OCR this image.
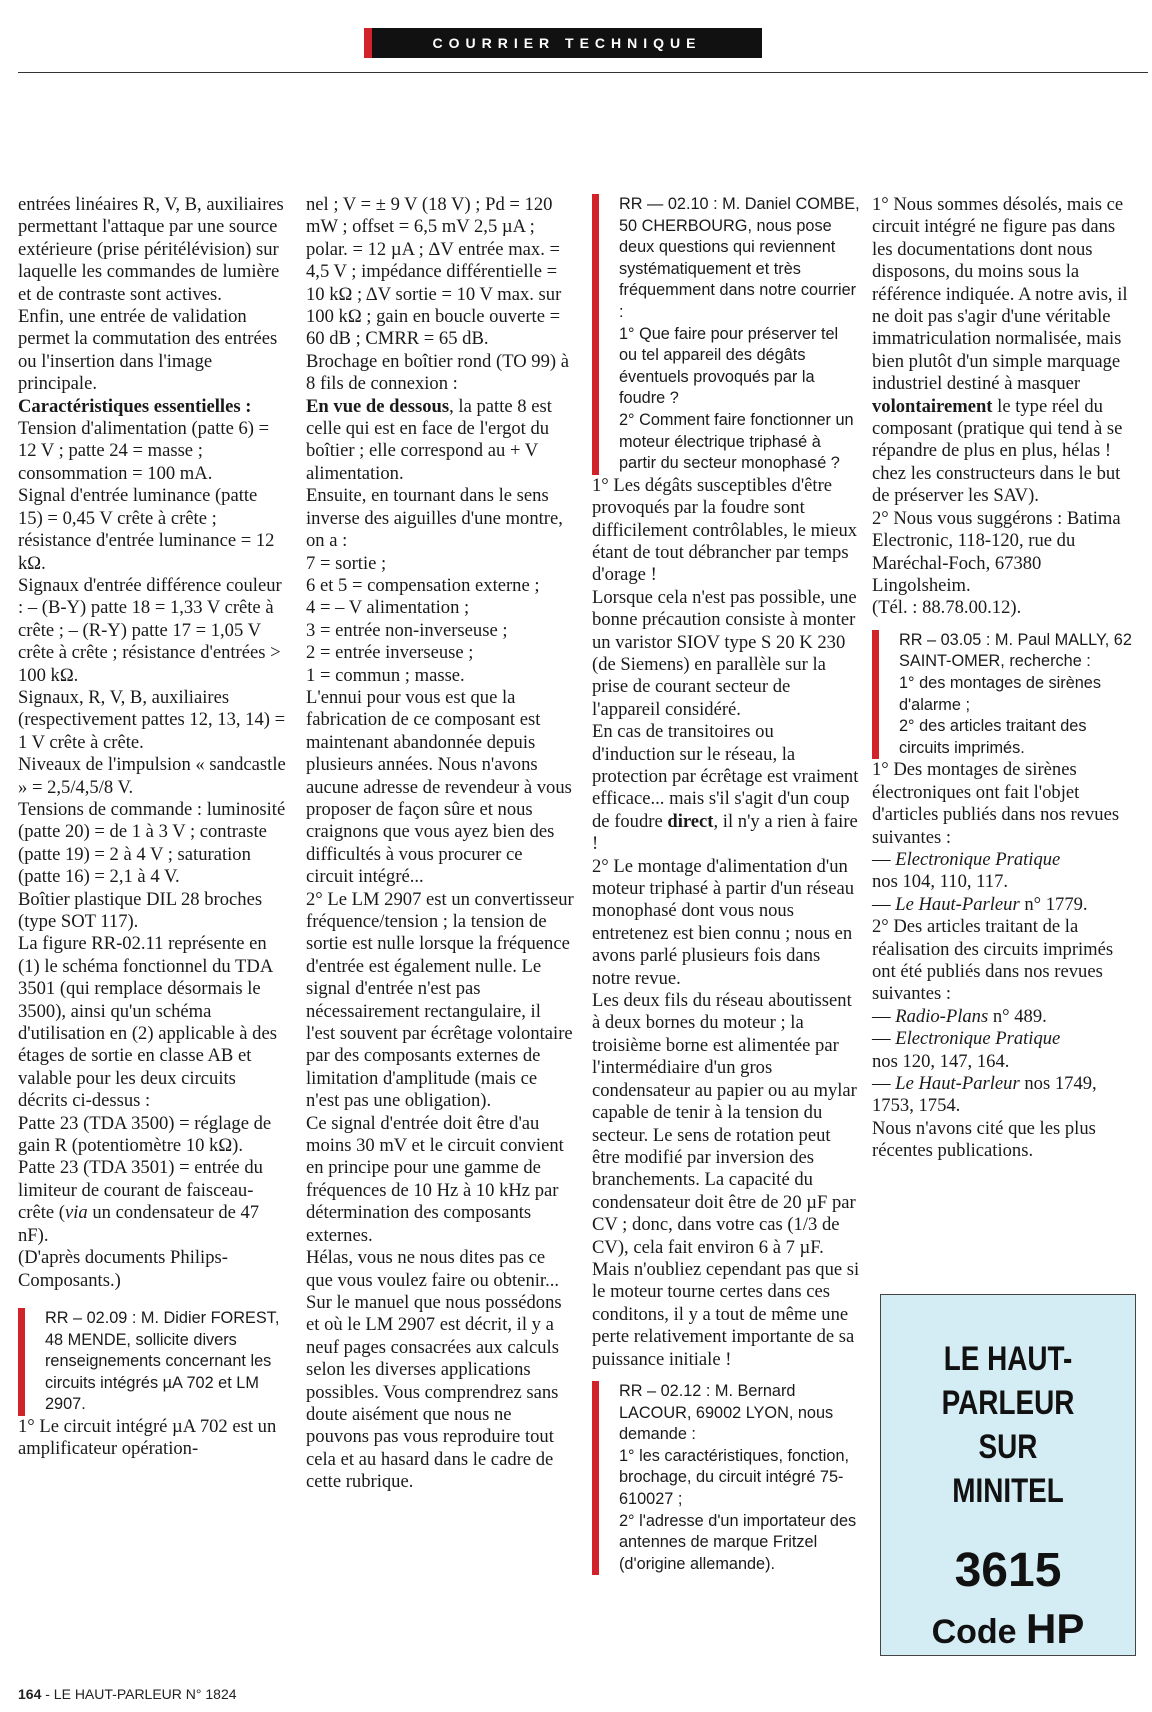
COURRIER TECHNIQUE

entrées linéaires R, V, B, auxiliaires permettant l'attaque par une source extérieure (prise péritélévision) sur laquelle les commandes de lumière et de contraste sont actives.

Enfin, une entrée de validation permet la commutation des entrées ou l'insertion dans l'image principale.

Caractéristiques essentielles :

Tension d'alimentation (patte 6) = 12 V ; patte 24 = masse ; consommation = 100 mA.

Signal d'entrée luminance (patte 15) = 0,45 V crête à crête ; résistance d'entrée luminance = 12 kΩ.

Signaux d'entrée différence couleur : – (B-Y) patte 18 = 1,33 V crête à crête ; – (R-Y) patte 17 = 1,05 V crête à crête ; résistance d'entrées > 100 kΩ.

Signaux, R, V, B, auxiliaires (respectivement pattes 12, 13, 14) = 1 V crête à crête.

Niveaux de l'impulsion « sandcastle » = 2,5/4,5/8 V.

Tensions de commande : luminosité (patte 20) = de 1 à 3 V ; contraste (patte 19) = 2 à 4 V ; saturation (patte 16) = 2,1 à 4 V.

Boîtier plastique DIL 28 broches (type SOT 117).

La figure RR-02.11 représente en (1) le schéma fonctionnel du TDA 3501 (qui remplace désormais le 3500), ainsi qu'un schéma d'utilisation en (2) applicable à des étages de sortie en classe AB et valable pour les deux circuits décrits ci-dessus :

Patte 23 (TDA 3500) = réglage de gain R (potentiomètre 10 kΩ).

Patte 23 (TDA 3501) = entrée du limiteur de courant de faisceau-crête (via un condensateur de 47 nF).

(D'après documents Philips-Composants.)

RR – 02.09 : M. Didier FOREST, 48 MENDE, sollicite divers renseignements concernant les circuits intégrés µA 702 et LM 2907.

1° Le circuit intégré µA 702 est un amplificateur opération-

nel ; V = ± 9 V (18 V) ; Pd = 120 mW ; offset = 6,5 mV 2,5 µA ; polar. = 12 µA ; ΔV entrée max. = 4,5 V ; impédance différentielle = 10 kΩ ; ΔV sortie = 10 V max. sur 100 kΩ ; gain en boucle ouverte = 60 dB ; CMRR = 65 dB.

Brochage en boîtier rond (TO 99) à 8 fils de connexion :

En vue de dessous, la patte 8 est celle qui est en face de l'ergot du boîtier ; elle correspond au + V alimentation.

Ensuite, en tournant dans le sens inverse des aiguilles d'une montre, on a :

7 = sortie ;

6 et 5 = compensation externe ;

4 = – V alimentation ;

3 = entrée non-inverseuse ;

2 = entrée inverseuse ;

1 = commun ; masse.

L'ennui pour vous est que la fabrication de ce composant est maintenant abandonnée depuis plusieurs années. Nous n'avons aucune adresse de revendeur à vous proposer de façon sûre et nous craignons que vous ayez bien des difficultés à vous procurer ce circuit intégré...

2° Le LM 2907 est un convertisseur fréquence/tension ; la tension de sortie est nulle lorsque la fréquence d'entrée est également nulle. Le signal d'entrée n'est pas nécessairement rectangulaire, il l'est souvent par écrêtage volontaire par des composants externes de limitation d'amplitude (mais ce n'est pas une obligation).

Ce signal d'entrée doit être d'au moins 30 mV et le circuit convient en principe pour une gamme de fréquences de 10 Hz à 10 kHz par détermination des composants externes.

Hélas, vous ne nous dites pas ce que vous voulez faire ou obtenir... Sur le manuel que nous possédons et où le LM 2907 est décrit, il y a neuf pages consacrées aux calculs selon les diverses applications possibles. Vous comprendrez sans doute aisément que nous ne pouvons pas vous reproduire tout cela et au hasard dans le cadre de cette rubrique.

RR — 02.10 : M. Daniel COMBE, 50 CHERBOURG, nous pose deux questions qui reviennent systématiquement et très fréquemment dans notre courrier :

1° Que faire pour préserver tel ou tel appareil des dégâts éventuels provoqués par la foudre ?

2° Comment faire fonctionner un moteur électrique triphasé à partir du secteur monophasé ?

1° Les dégâts susceptibles d'être provoqués par la foudre sont difficilement contrôlables, le mieux étant de tout débrancher par temps d'orage !

Lorsque cela n'est pas possible, une bonne précaution consiste à monter un varistor SIOV type S 20 K 230 (de Siemens) en parallèle sur la prise de courant secteur de l'appareil considéré.

En cas de transitoires ou d'induction sur le réseau, la protection par écrêtage est vraiment efficace... mais s'il s'agit d'un coup de foudre direct, il n'y a rien à faire !

2° Le montage d'alimentation d'un moteur triphasé à partir d'un réseau monophasé dont vous nous entretenez est bien connu ; nous en avons parlé plusieurs fois dans notre revue.

Les deux fils du réseau aboutissent à deux bornes du moteur ; la troisième borne est alimentée par l'intermédiaire d'un gros condensateur au papier ou au mylar capable de tenir à la tension du secteur. Le sens de rotation peut être modifié par inversion des branchements. La capacité du condensateur doit être de 20 µF par CV ; donc, dans votre cas (1/3 de CV), cela fait environ 6 à 7 µF.

Mais n'oubliez cependant pas que si le moteur tourne certes dans ces conditons, il y a tout de même une perte relativement importante de sa puissance initiale !

RR – 02.12 : M. Bernard LACOUR, 69002 LYON, nous demande :

1° les caractéristiques, fonction, brochage, du circuit intégré 75-610027 ;

2° l'adresse d'un importateur des antennes de marque Fritzel (d'origine allemande).

1° Nous sommes désolés, mais ce circuit intégré ne figure pas dans les documentations dont nous disposons, du moins sous la référence indiquée. A notre avis, il ne doit pas s'agir d'une véritable immatriculation normalisée, mais bien plutôt d'un simple marquage industriel destiné à masquer volontairement le type réel du composant (pratique qui tend à se répandre de plus en plus, hélas ! chez les constructeurs dans le but de préserver les SAV).

2° Nous vous suggérons : Batima Electronic, 118-120, rue du Maréchal-Foch, 67380 Lingolsheim.

(Tél. : 88.78.00.12).

RR – 03.05 : M. Paul MALLY, 62 SAINT-OMER, recherche :

1° des montages de sirènes d'alarme ;

2° des articles traitant des circuits imprimés.

1° Des montages de sirènes électroniques ont fait l'objet d'articles publiés dans nos revues suivantes :

— Electronique Pratique

nos 104, 110, 117.

— Le Haut-Parleur n° 1779.

2° Des articles traitant de la réalisation des circuits imprimés ont été publiés dans nos revues suivantes :

— Radio-Plans n° 489.

— Electronique Pratique

nos 120, 147, 164.

— Le Haut-Parleur nos 1749, 1753, 1754.

Nous n'avons cité que les plus récentes publications.

LE HAUT- PARLEUR
SUR
MINITEL
3615
Code HP
164 - LE HAUT-PARLEUR N° 1824
